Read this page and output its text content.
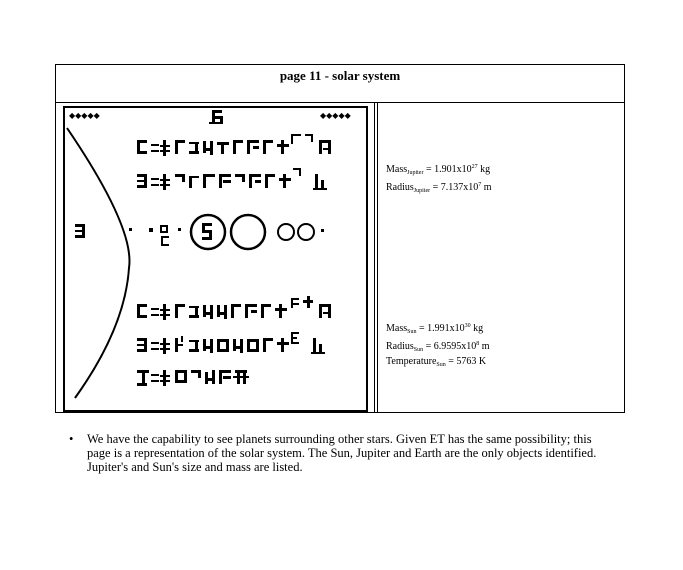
page 11 - solar system
◆◆◆◆◆	◆◆◆◆◆
Mass$_{Jupiter}$ = $1.901x10^{27}$ kg
Radius$_{Jupiter}$ = $7.137x10^7$ m
Mass$_{Sun}$ = $1.991x10^{30}$ kg
Radius$_{Sun}$ = $6.9595x10^8$ m
Temperature$_{Sun}$ = 5763 K
• We have the capability to see planets surrounding other stars. Given ET has the same possibility; this page is a representation of the solar system. The Sun, Jupiter and Earth are the only objects identified. Jupiter's and Sun's size and mass are listed.
